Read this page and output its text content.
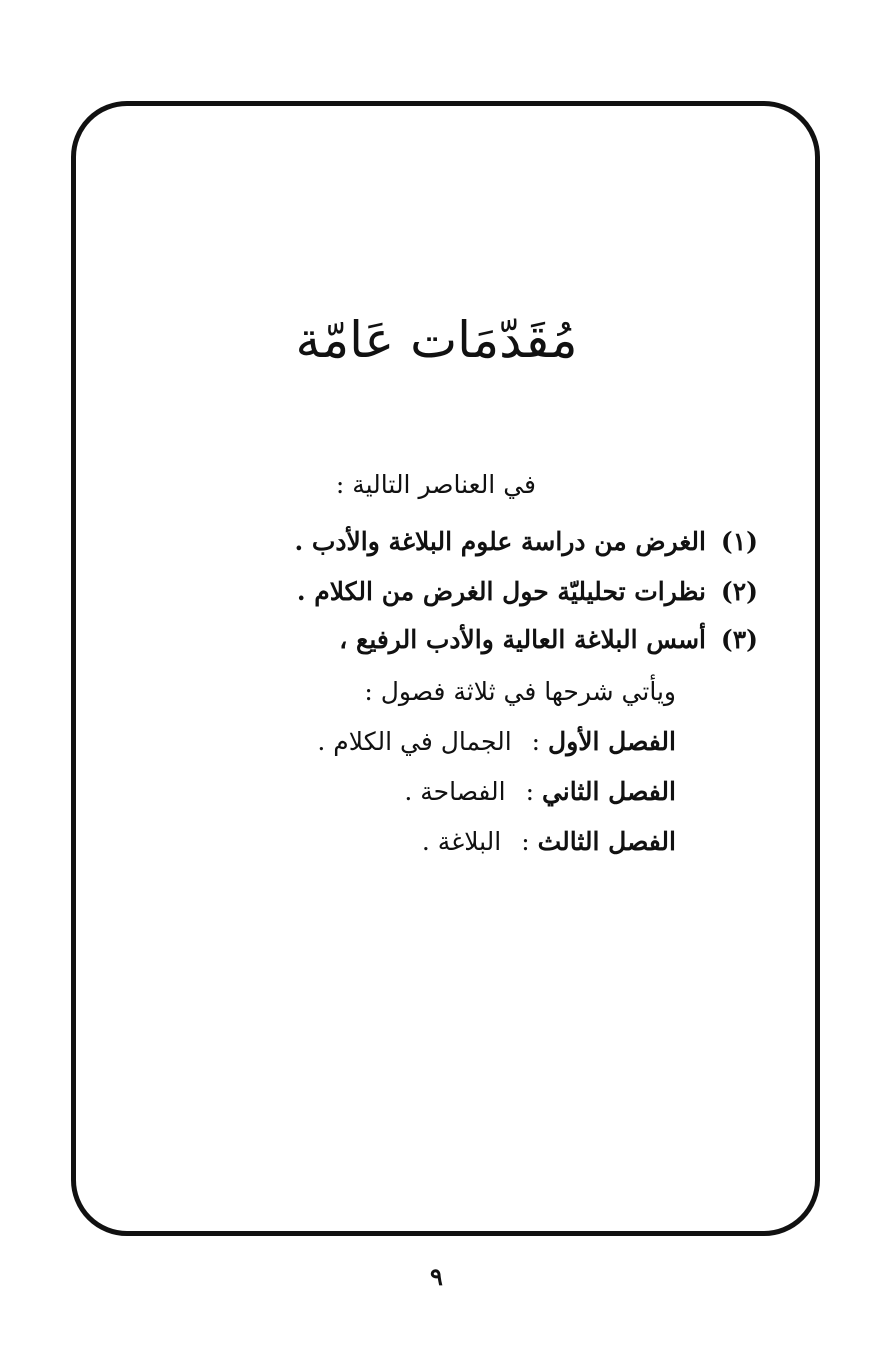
مُقَدّمَات عَامّة
في العناصر التالية :
(١)الغرض من دراسة علوم البلاغة والأدب .
(٢)نظرات تحليليّة حول الغرض من الكلام .
(٣)أسس البلاغة العالية والأدب الرفيع ،
ويأتي شرحها في ثلاثة فصول :
الفصل الأول : الجمال في الكلام .
الفصل الثاني : الفصاحة .
الفصل الثالث : البلاغة .
٩
